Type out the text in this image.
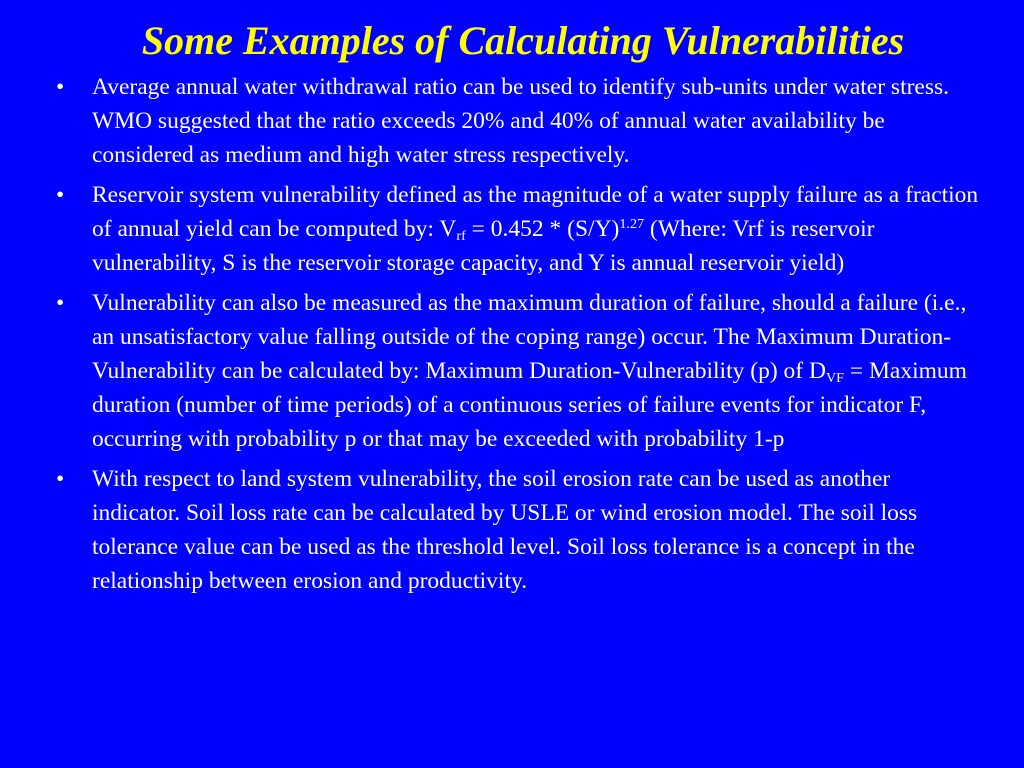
Some Examples of Calculating Vulnerabilities
•	Average annual water withdrawal ratio can be used to identify sub-units under water stress. WMO suggested that the ratio exceeds 20% and 40% of annual water availability be considered as medium and high water stress respectively.
•	Reservoir system vulnerability defined as the magnitude of a water supply failure as a fraction of annual yield can be computed by: $V_{rf} = 0.452 * (S/Y)^{1.27}$ (Where: Vrf is reservoir vulnerability, S is the reservoir storage capacity, and Y is annual reservoir yield)
•	Vulnerability can also be measured as the maximum duration of failure, should a failure (i.e., an unsatisfactory value falling outside of the coping range) occur. The Maximum Duration-Vulnerability can be calculated by: Maximum Duration-Vulnerability (p) of $D_{VF}$ = Maximum duration (number of time periods) of a continuous series of failure events for indicator F, occurring with probability p or that may be exceeded with probability 1-p
•	With respect to land system vulnerability, the soil erosion rate can be used as another indicator. Soil loss rate can be calculated by USLE or wind erosion model. The soil loss tolerance value can be used as the threshold level. Soil loss tolerance is a concept in the relationship between erosion and productivity.
